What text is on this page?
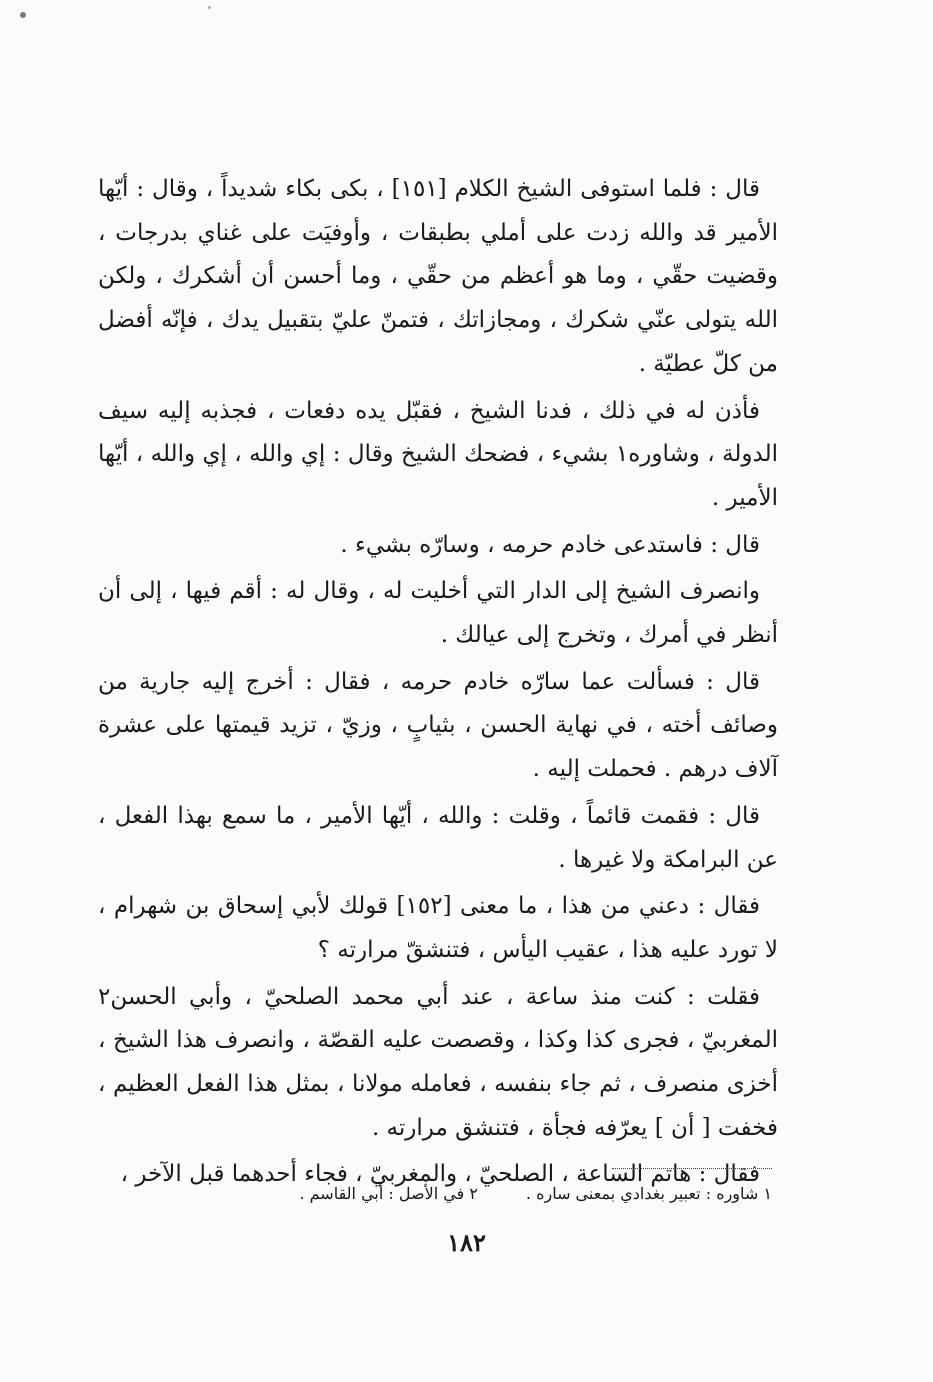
قال : فلما استوفى الشيخ الكلام [١٥١] ، بكى بكاء شديداً ، وقال : أيّها الأمير قد والله زدت على أملي بطبقات ، وأوفيَت على غناي بدرجات ، وقضيت حقّي ، وما هو أعظم من حقّي ، وما أحسن أن أشكرك ، ولكن الله يتولى عنّي شكرك ، ومجازاتك ، فتمنّ عليّ بتقبيل يدك ، فإنّه أفضل من كلّ عطيّة .

فأذن له في ذلك ، فدنا الشيخ ، فقبّل يده دفعات ، فجذبه إليه سيف الدولة ، وشاوره١ بشيء ، فضحك الشيخ وقال : إي والله ، إي والله ، أيّها الأمير .

قال : فاستدعى خادم حرمه ، وسارّه بشيء .

وانصرف الشيخ إلى الدار التي أخليت له ، وقال له : أقم فيها ، إلى أن أنظر في أمرك ، وتخرج إلى عيالك .

قال : فسألت عما سارّه خادم حرمه ، فقال : أخرج إليه جارية من وصائف أخته ، في نهاية الحسن ، بثيابٍ ، وزيّ ، تزيد قيمتها على عشرة آلاف درهم . فحملت إليه .

قال : فقمت قائماً ، وقلت : والله ، أيّها الأمير ، ما سمع بهذا الفعل ، عن البرامكة ولا غيرها .

فقال : دعني من هذا ، ما معنى [١٥٢] قولك لأبي إسحاق بن شهرام ، لا تورد عليه هذا ، عقيب اليأس ، فتنشقّ مرارته ؟

فقلت : كنت منذ ساعة ، عند أبي محمد الصلحيّ ، وأبي الحسن٢ المغربيّ ، فجرى كذا وكذا ، وقصصت عليه القصّة ، وانصرف هذا الشيخ ، أخزى منصرف ، ثم جاء بنفسه ، فعامله مولانا ، بمثل هذا الفعل العظيم ، فخفت [ أن ] يعرّفه فجأة ، فتنشق مرارته .

فقال : هاتم الساعة ، الصلحيّ ، والمغربيّ ، فجاء أحدهما قبل الآخر ،

١ شاوره : تعبير بغدادي بمعنى ساره .
٢ في الأصل : أبي القاسم .
١٨٢
